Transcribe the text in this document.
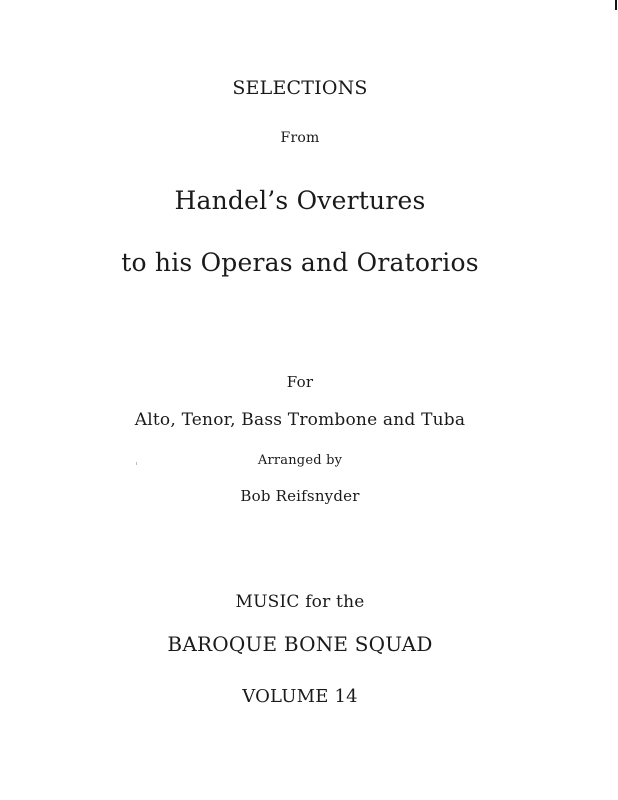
SELECTIONS
From
Handel’s Overtures
to his Operas and Oratorios
For
Alto, Tenor, Bass Trombone and Tuba
Arranged by
Bob Reifsnyder
MUSIC for the
BAROQUE BONE SQUAD
VOLUME 14
